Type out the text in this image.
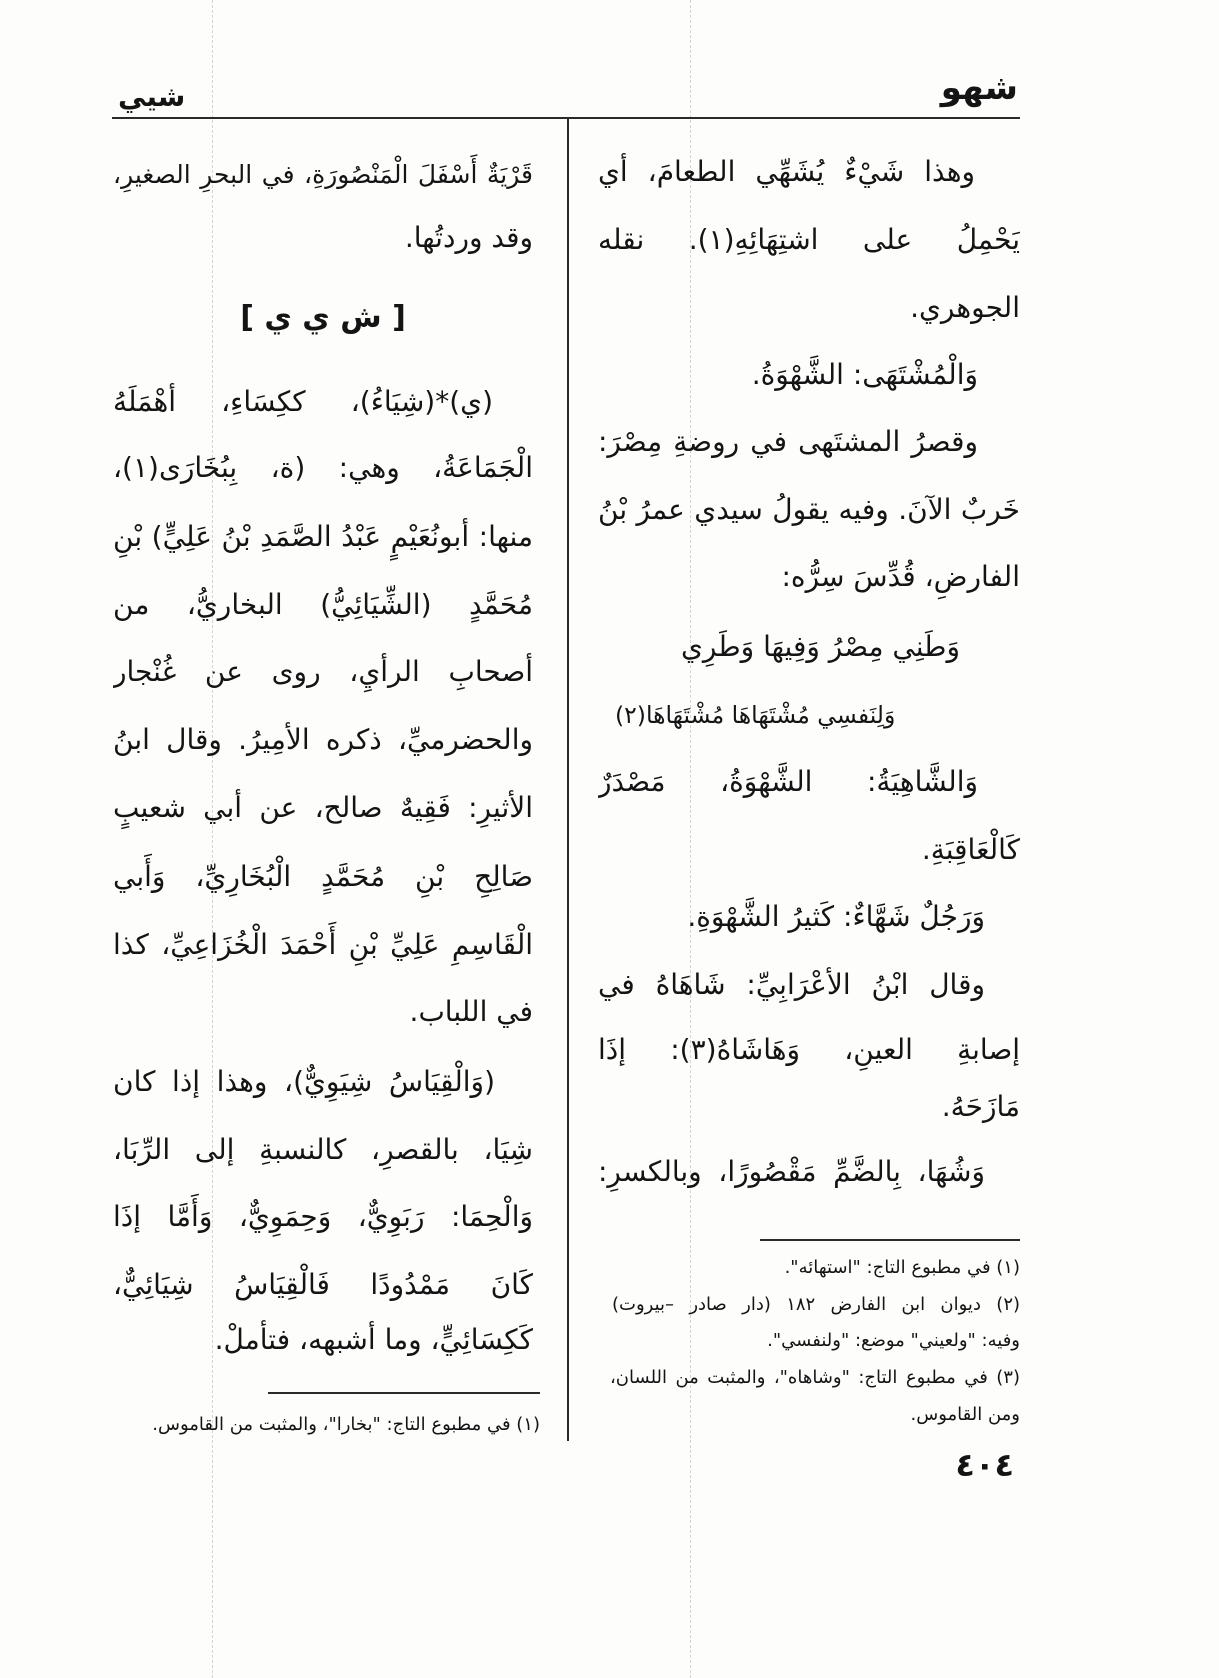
شهو
شيي
وهذا شَيْءٌ يُشَهِّي الطعامَ، أي
يَحْمِلُ على اشتِهَائِهِ(١). نقله
الجوهري.
وَالْمُشْتَهَى: الشَّهْوَةُ.
وقصرُ المشتَهى في روضةِ مِصْرَ:
خَربٌ الآنَ. وفيه يقولُ سيدي عمرُ بْنُ
الفارضِ، قُدِّسَ سِرُّه:
وَطَنِي مِصْرُ وَفِيهَا وَطَرِي
وَلِنَفسِي مُشْتَهَاهَا مُشْتَهَاهَا(٢)
وَالشَّاهِيَةُ: الشَّهْوَةُ، مَصْدَرٌ
كَالْعَاقِبَةِ.
وَرَجُلٌ شَهَّاءٌ: كَثيرُ الشَّهْوَةِ.
وقال ابْنُ الأعْرَابِيِّ: شَاهَاهُ في
إصابةِ العينِ، وَهَاشَاهُ(٣): إذَا
مَازَحَهُ.
وَشُهَا، بِالضَّمِّ مَقْصُورًا، وبالكسرِ:
(١) في مطبوع التاج: "استهائه".
(٢) ديوان ابن الفارض ١٨٢ (دار صادر –بيروت)
وفيه: "ولعيني" موضع: "ولنفسي".
(٣) في مطبوع التاج: "وشاهاه"، والمثبت من اللسان،
ومن القاموس.
٤٠٤
قَرْيَةٌ أَسْفَلَ الْمَنْصُورَةِ، في البحرِ الصغيرِ،
وقد وردتُها.
[ ش ي ي ]
(ي)*(شِيَاءُ)، ككِسَاءِ، أهْمَلَهُ
الْجَمَاعَةُ، وهي: (ة، بِبُخَارَى(١)،
منها: أبونُعَيْمٍ عَبْدُ الصَّمَدِ بْنُ عَلِيٍّ) بْنِ
مُحَمَّدٍ (الشِّيَائِيُّ) البخاريُّ، من
أصحابِ الرأيِ، روى عن غُنْجار
والحضرميِّ، ذكره الأمِيرُ. وقال ابنُ
الأثيرِ: فَقِيهٌ صالح، عن أبي شعيبٍ
صَالِحِ بْنِ مُحَمَّدٍ الْبُخَارِيِّ، وَأَبي
الْقَاسِمِ عَلِيِّ بْنِ أَحْمَدَ الْخُزَاعِيِّ، كذا
في اللباب.
(وَالْقِيَاسُ شِيَوِيٌّ)، وهذا إذا كان
شِيَا، بالقصرِ، كالنسبةِ إلى الرِّبَا،
وَالْحِمَا: رَبَوِيٌّ، وَحِمَوِيٌّ، وَأَمَّا إذَا
كَانَ مَمْدُودًا فَالْقِيَاسُ شِيَائِيٌّ،
كَكِسَائِيٍّ، وما أشبهه، فتأملْ.
(١) في مطبوع التاج: "بخارا"، والمثبت من القاموس.
